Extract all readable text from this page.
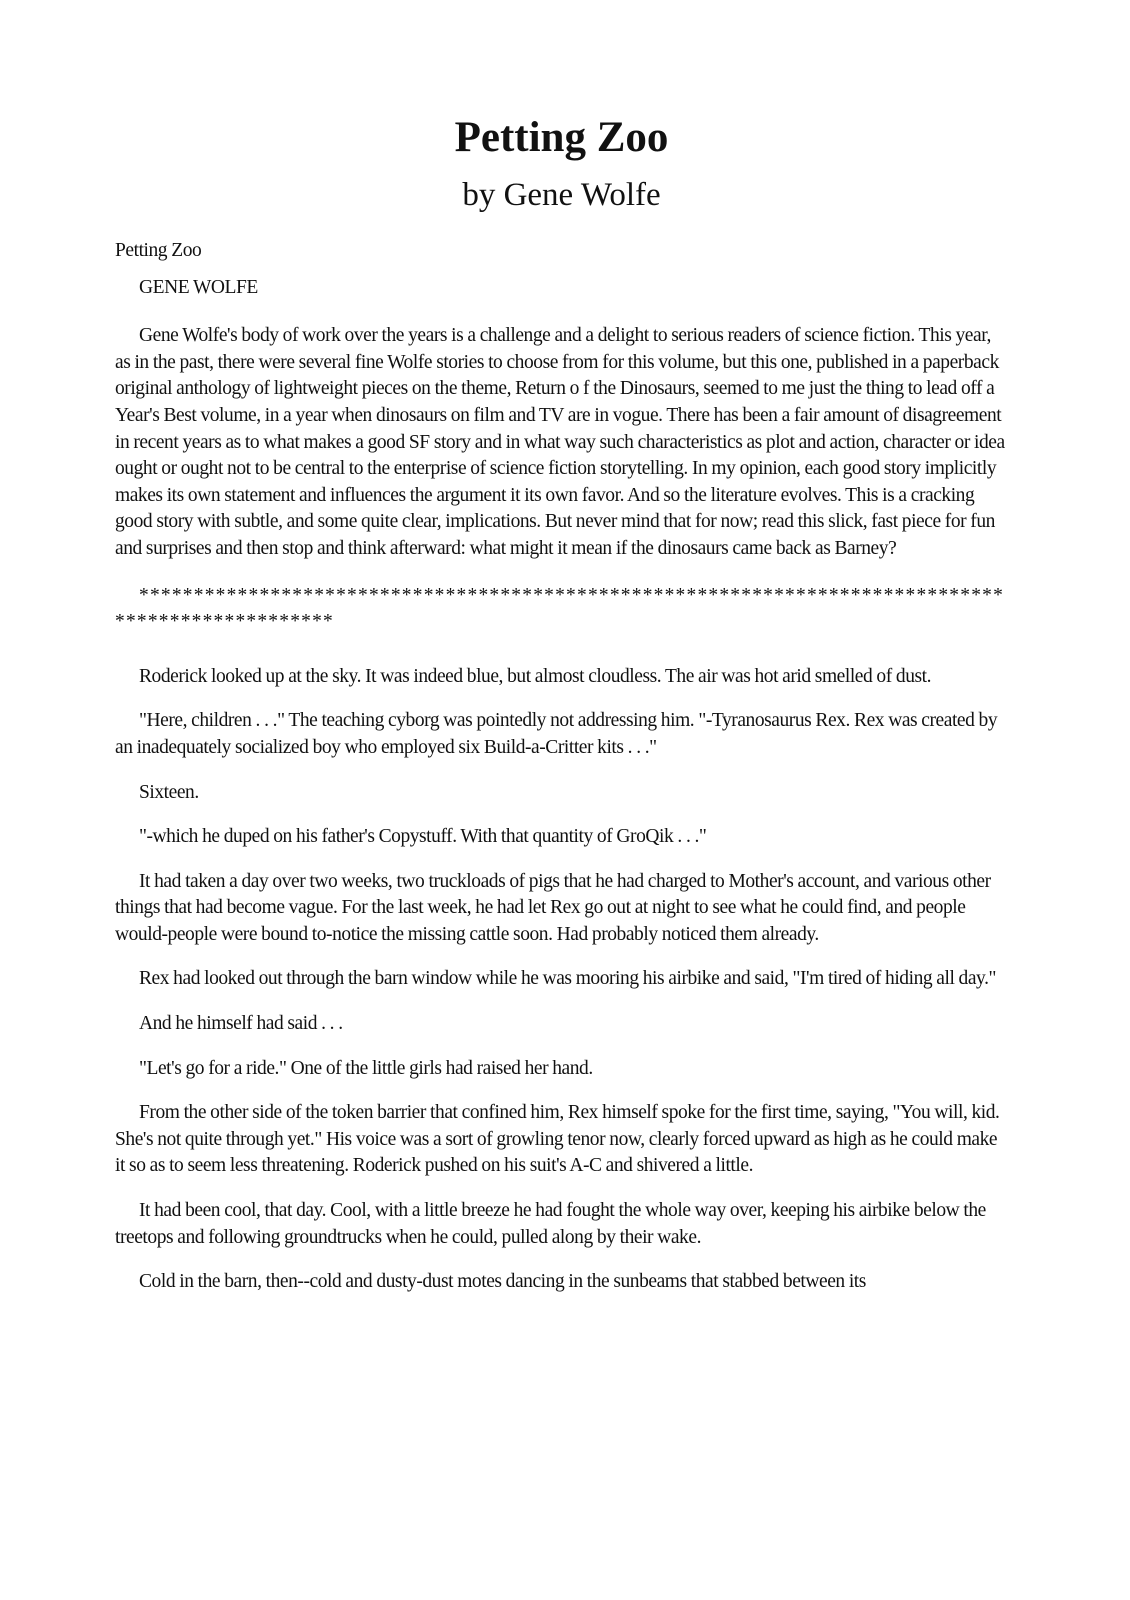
Petting Zoo
by Gene Wolfe

Petting Zoo

GENE WOLFE

Gene Wolfe's body of work over the years is a challenge and a delight to serious readers of science fiction. This year, as in the past, there were several fine Wolfe stories to choose from for this volume, but this one, published in a paperback original anthology of lightweight pieces on the theme, Return o f the Dinosaurs, seemed to me just the thing to lead off a Year's Best volume, in a year when dinosaurs on film and TV are in vogue. There has been a fair amount of disagreement in recent years as to what makes a good SF story and in what way such characteristics as plot and action, character or idea ought or ought not to be central to the enterprise of science fiction storytelling. In my opinion, each good story implicitly makes its own statement and influences the argument it its own favor. And so the literature evolves. This is a cracking good story with subtle, and some quite clear, implications. But never mind that for now; read this slick, fast piece for fun and surprises and then stop and think afterward: what might it mean if the dinosaurs came back as Barney?

***************************************************************************************************

Roderick looked up at the sky. It was indeed blue, but almost cloudless. The air was hot arid smelled of dust.

"Here, children . . ." The teaching cyborg was pointedly not addressing him. "-Tyranosaurus Rex. Rex was created by an inadequately socialized boy who employed six Build-a-Critter kits . . ."

Sixteen.

"-which he duped on his father's Copystuff. With that quantity of GroQik . . ."

It had taken a day over two weeks, two truckloads of pigs that he had charged to Mother's account, and various other things that had become vague. For the last week, he had let Rex go out at night to see what he could find, and people would-people were bound to-notice the missing cattle soon. Had probably noticed them already.

Rex had looked out through the barn window while he was mooring his airbike and said, "I'm tired of hiding all day."

And he himself had said . . .

"Let's go for a ride." One of the little girls had raised her hand.

From the other side of the token barrier that confined him, Rex himself spoke for the first time, saying, "You will, kid. She's not quite through yet." His voice was a sort of growling tenor now, clearly forced upward as high as he could make it so as to seem less threatening. Roderick pushed on his suit's A-C and shivered a little.

It had been cool, that day. Cool, with a little breeze he had fought the whole way over, keeping his airbike below the treetops and following groundtrucks when he could, pulled along by their wake.

Cold in the barn, then--cold and dusty-dust motes dancing in the sunbeams that stabbed between its
